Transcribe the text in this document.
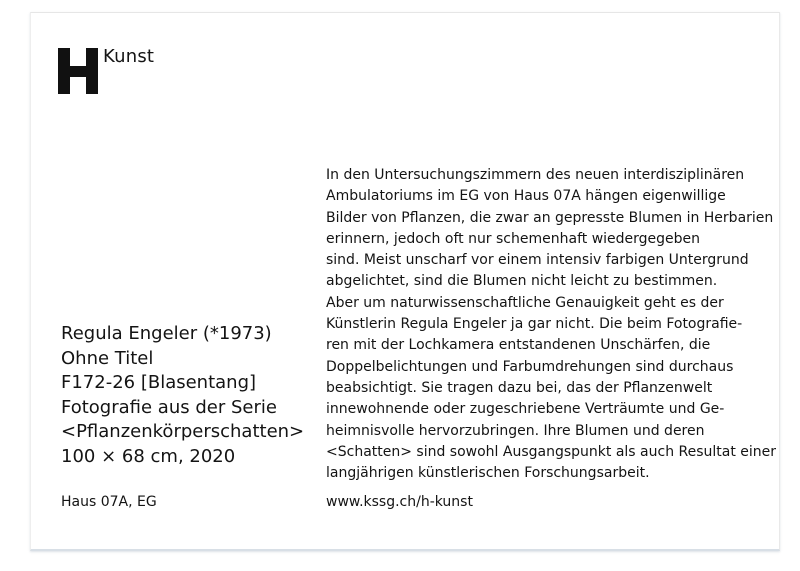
Kunst
Regula Engeler (*1973)
Ohne Titel
F172-26 [Blasentang]
Fotografie aus der Serie
<Pflanzenkörperschatten>
100 × 68 cm, 2020
Haus 07A, EG
In den Untersuchungszimmern des neuen interdisziplinären
Ambulatoriums im EG von Haus 07A hängen eigenwillige
Bilder von Pflanzen, die zwar an gepresste Blumen in Herbarien
erinnern, jedoch oft nur schemenhaft wiedergegeben
sind. Meist unscharf vor einem intensiv farbigen Untergrund
abgelichtet, sind die Blumen nicht leicht zu bestimmen.
Aber um naturwissenschaftliche Genauigkeit geht es der
Künstlerin Regula Engeler ja gar nicht. Die beim Fotografie-
ren mit der Lochkamera entstandenen Unschärfen, die
Doppelbelichtungen und Farbumdrehungen sind durchaus
beabsichtigt. Sie tragen dazu bei, das der Pflanzenwelt
innewohnende oder zugeschriebene Verträumte und Ge-
heimnisvolle hervorzubringen. Ihre Blumen und deren
<Schatten> sind sowohl Ausgangspunkt als auch Resultat einer
langjährigen künstlerischen Forschungsarbeit.
www.kssg.ch/h-kunst
